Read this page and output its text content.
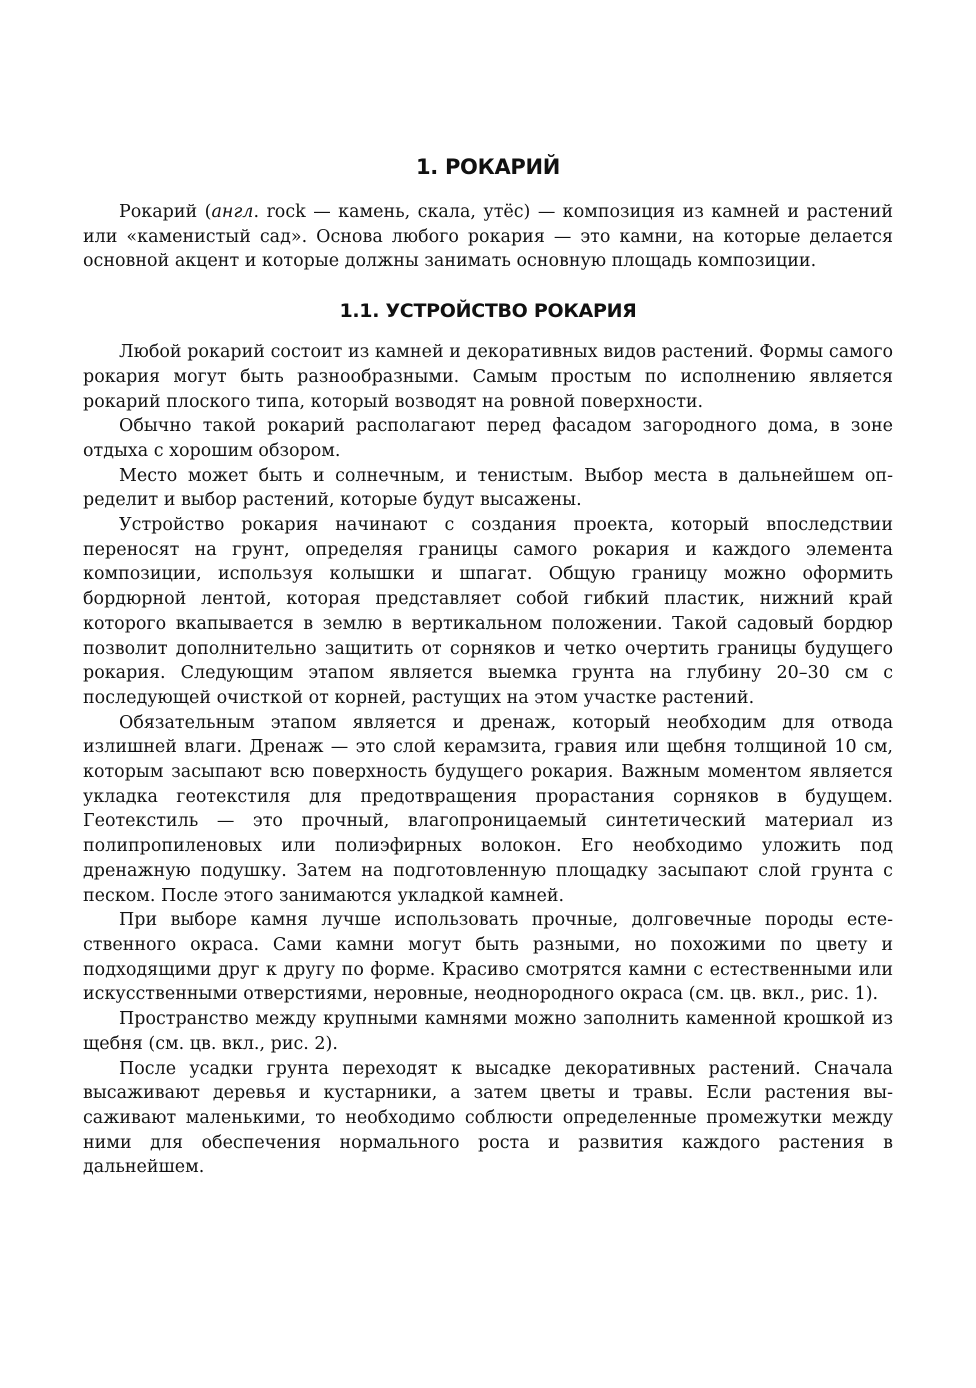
1. РОКАРИЙ

Рокарий (англ. rock — камень, скала, утёс) — композиция из камней и растений или «каменистый сад». Основа любого рокария — это камни, на которые делается основной акцент и которые должны занимать основную площадь композиции.

1.1. УСТРОЙСТВО РОКАРИЯ

Любой рокарий состоит из камней и декоративных видов растений. Формы самого рокария могут быть разнообразными. Самым простым по исполнению является рокарий плоского типа, который возводят на ровной поверхности.

Обычно такой рокарий располагают перед фасадом загородного дома, в зоне отдыха с хорошим обзором.

Место может быть и солнечным, и тенистым. Выбор места в дальнейшем определит и выбор растений, которые будут высажены.

Устройство рокария начинают с создания проекта, который впоследствии переносят на грунт, определяя границы самого рокария и каждого элемента композиции, используя колышки и шпагат. Общую границу можно оформить бордюрной лентой, которая представляет собой гибкий пластик, нижний край которого вкапывается в землю в вертикальном положении. Такой садовый бордюр позволит дополнительно защитить от сорняков и четко очертить границы будущего рокария. Следующим этапом является выемка грунта на глубину 20–30 см с последующей очисткой от корней, растущих на этом участке растений.

Обязательным этапом является и дренаж, который необходим для отвода излишней влаги. Дренаж — это слой керамзита, гравия или щебня толщиной 10 см, которым засыпают всю поверхность будущего рокария. Важным моментом является укладка геотекстиля для предотвращения прорастания сорняков в будущем. Геотекстиль — это прочный, влагопроницаемый синтетический материал из полипропиленовых или полиэфирных волокон. Его необходимо уложить под дренажную подушку. Затем на подготовленную площадку засыпают слой грунта с песком. После этого занимаются укладкой камней.

При выборе камня лучше использовать прочные, долговечные породы естественного окраса. Сами камни могут быть разными, но похожими по цвету и подходящими друг к другу по форме. Красиво смотрятся камни с естественными или искусственными отверстиями, неровные, неоднородного окраса (см. цв. вкл., рис. 1).

Пространство между крупными камнями можно заполнить каменной крошкой из щебня (см. цв. вкл., рис. 2).

После усадки грунта переходят к высадке декоративных растений. Сначала высаживают деревья и кустарники, а затем цветы и травы. Если растения высаживают маленькими, то необходимо соблюсти определенные промежутки между ними для обеспечения нормального роста и развития каждого растения в дальнейшем.
